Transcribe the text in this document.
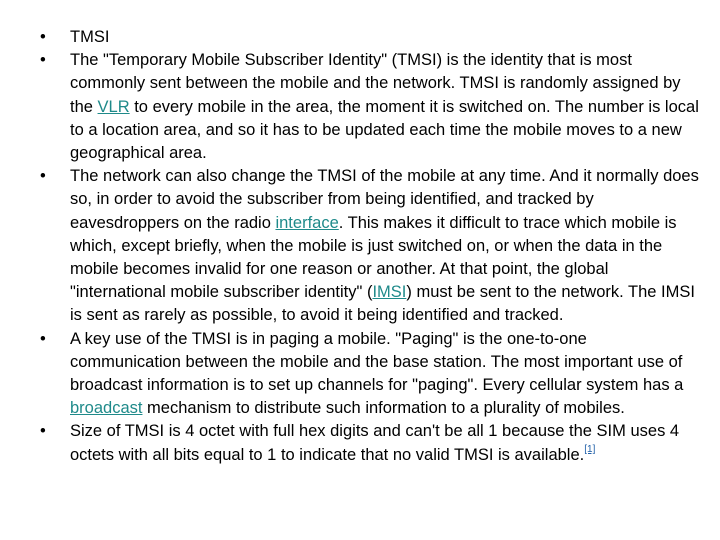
•	TMSI
•	The "Temporary Mobile Subscriber Identity" (TMSI) is the identity that is most commonly sent between the mobile and the network. TMSI is randomly assigned by the VLR to every mobile in the area, the moment it is switched on. The number is local to a location area, and so it has to be updated each time the mobile moves to a new geographical area.
•	The network can also change the TMSI of the mobile at any time. And it normally does so, in order to avoid the subscriber from being identified, and tracked by eavesdroppers on the radio interface. This makes it difficult to trace which mobile is which, except briefly, when the mobile is just switched on, or when the data in the mobile becomes invalid for one reason or another. At that point, the global "international mobile subscriber identity" (IMSI) must be sent to the network. The IMSI is sent as rarely as possible, to avoid it being identified and tracked.
•	A key use of the TMSI is in paging a mobile. "Paging" is the one-to-one communication between the mobile and the base station. The most important use of broadcast information is to set up channels for "paging". Every cellular system has a broadcast mechanism to distribute such information to a plurality of mobiles.
•	Size of TMSI is 4 octet with full hex digits and can't be all 1 because the SIM uses 4 octets with all bits equal to 1 to indicate that no valid TMSI is available.[1]
